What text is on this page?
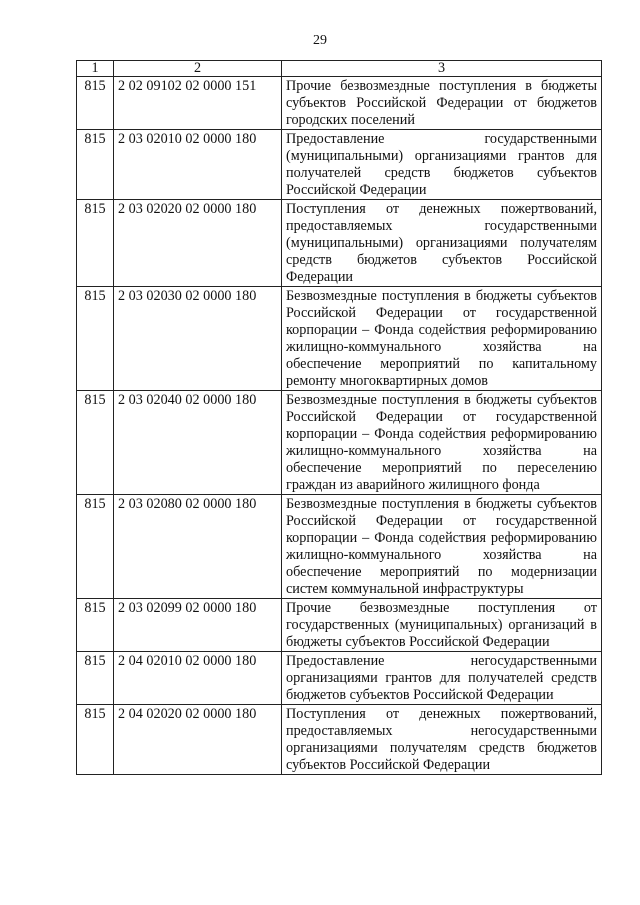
29
1	2	3
815	2 02 09102 02 0000 151	Прочие безвозмездные поступления в бюджеты субъектов Российской Федерации от бюджетов городских поселений
815	2 03 02010 02 0000 180	Предоставление государственными (муниципальными) организациями грантов для получателей средств бюджетов субъектов Российской Федерации
815	2 03 02020 02 0000 180	Поступления от денежных пожертвований, предоставляемых государственными (муниципальными) организациями получателям средств бюджетов субъектов Российской Федерации
815	2 03 02030 02 0000 180	Безвозмездные поступления в бюджеты субъектов Российской Федерации от государственной корпорации – Фонда содействия реформированию жилищно-коммунального хозяйства на обеспечение мероприятий по капитальному ремонту многоквартирных домов
815	2 03 02040 02 0000 180	Безвозмездные поступления в бюджеты субъектов Российской Федерации от государственной корпорации – Фонда содействия реформированию жилищно-коммунального хозяйства на обеспечение мероприятий по переселению граждан из аварийного жилищного фонда
815	2 03 02080 02 0000 180	Безвозмездные поступления в бюджеты субъектов Российской Федерации от государственной корпорации – Фонда содействия реформированию жилищно-коммунального хозяйства на обеспечение мероприятий по модернизации систем коммунальной инфраструктуры
815	2 03 02099 02 0000 180	Прочие безвозмездные поступления от государственных (муниципальных) организаций в бюджеты субъектов Российской Федерации
815	2 04 02010 02 0000 180	Предоставление негосударственными организациями грантов для получателей средств бюджетов субъектов Российской Федерации
815	2 04 02020 02 0000 180	Поступления от денежных пожертвований, предоставляемых негосударственными организациями получателям средств бюджетов субъектов Российской Федерации
